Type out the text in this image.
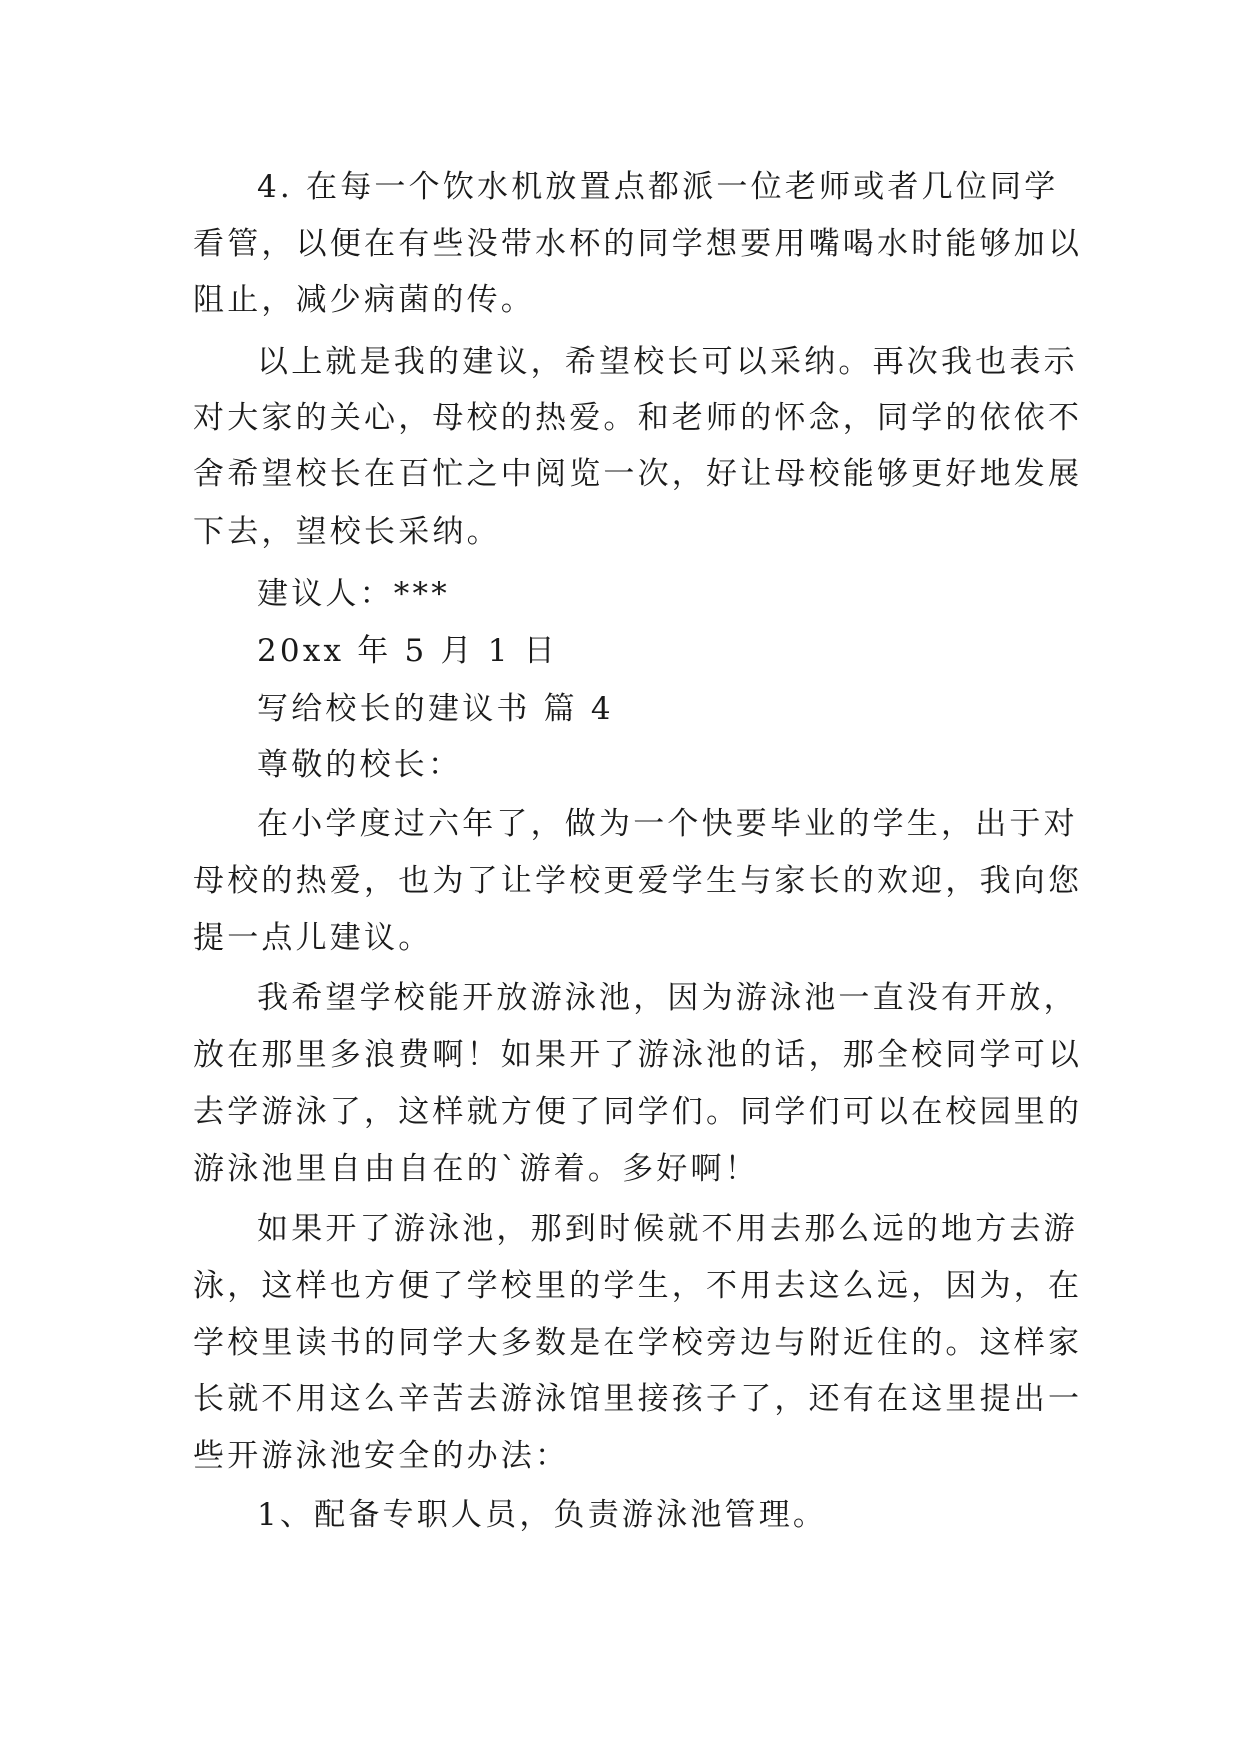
4. 在每一个饮水机放置点都派一位老师或者几位同学
看管，以便在有些没带水杯的同学想要用嘴喝水时能够加以
阻止，减少病菌的传。
以上就是我的建议，希望校长可以采纳。再次我也表示
对大家的关心，母校的热爱。和老师的怀念，同学的依依不
舍希望校长在百忙之中阅览一次，好让母校能够更好地发展
下去，望校长采纳。
建议人：***
20xx 年 5 月 1 日
写给校长的建议书 篇 4
尊敬的校长：
在小学度过六年了，做为一个快要毕业的学生，出于对
母校的热爱，也为了让学校更爱学生与家长的欢迎，我向您
提一点儿建议。
我希望学校能开放游泳池，因为游泳池一直没有开放，
放在那里多浪费啊！如果开了游泳池的话，那全校同学可以
去学游泳了，这样就方便了同学们。同学们可以在校园里的
游泳池里自由自在的`游着。多好啊！
如果开了游泳池，那到时候就不用去那么远的地方去游
泳，这样也方便了学校里的学生，不用去这么远，因为，在
学校里读书的同学大多数是在学校旁边与附近住的。这样家
长就不用这么辛苦去游泳馆里接孩子了，还有在这里提出一
些开游泳池安全的办法：
1、配备专职人员，负责游泳池管理。
